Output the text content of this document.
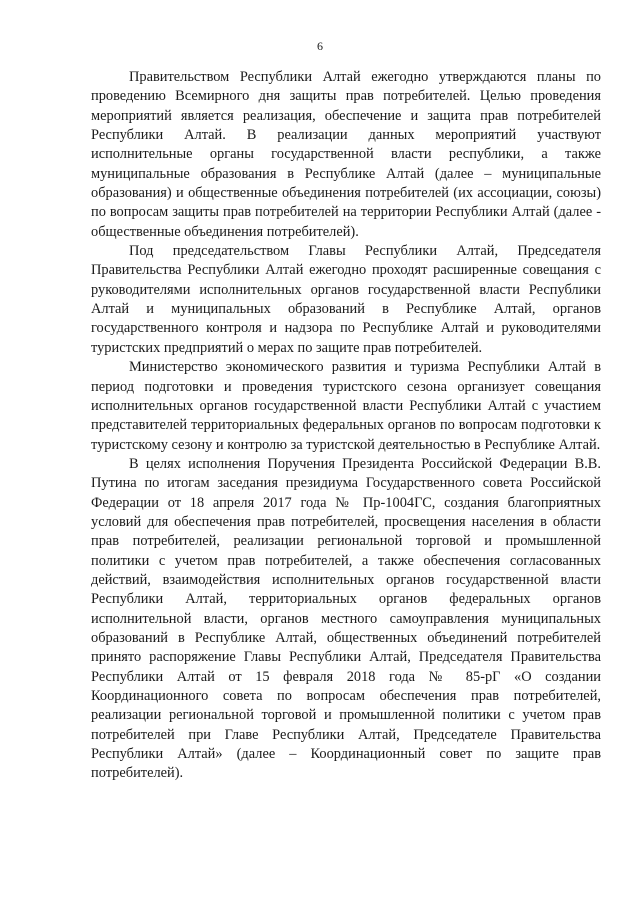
6

Правительством Республики Алтай ежегодно утверждаются планы по проведению Всемирного дня защиты прав потребителей. Целью проведения мероприятий является реализация, обеспечение и защита прав потребителей Республики Алтай. В реализации данных мероприятий участвуют исполнительные органы государственной власти республики, а также муниципальные образования в Республике Алтай (далее – муниципальные образования) и общественные объединения потребителей (их ассоциации, союзы) по вопросам защиты прав потребителей на территории Республики Алтай (далее - общественные объединения потребителей).

Под председательством Главы Республики Алтай, Председателя Правительства Республики Алтай ежегодно проходят расширенные совещания с руководителями исполнительных органов государственной власти Республики Алтай и муниципальных образований в Республике Алтай, органов государственного контроля и надзора по Республике Алтай и руководителями туристских предприятий о мерах по защите прав потребителей.

Министерство экономического развития и туризма Республики Алтай в период подготовки и проведения туристского сезона организует совещания исполнительных органов государственной власти Республики Алтай с участием представителей территориальных федеральных органов по вопросам подготовки к туристскому сезону и контролю за туристской деятельностью в Республике Алтай.

В целях исполнения Поручения Президента Российской Федерации В.В. Путина по итогам заседания президиума Государственного совета Российской Федерации от 18 апреля 2017 года № Пр-1004ГС, создания благоприятных условий для обеспечения прав потребителей, просвещения населения в области прав потребителей, реализации региональной торговой и промышленной политики с учетом прав потребителей, а также обеспечения согласованных действий, взаимодействия исполнительных органов государственной власти Республики Алтай, территориальных органов федеральных органов исполнительной власти, органов местного самоуправления муниципальных образований в Республике Алтай, общественных объединений потребителей принято распоряжение Главы Республики Алтай, Председателя Правительства Республики Алтай от 15 февраля 2018 года № 85-рГ «О создании Координационного совета по вопросам обеспечения прав потребителей, реализации региональной торговой и промышленной политики с учетом прав потребителей при Главе Республики Алтай, Председателе Правительства Республики Алтай» (далее – Координационный совет по защите прав потребителей).
